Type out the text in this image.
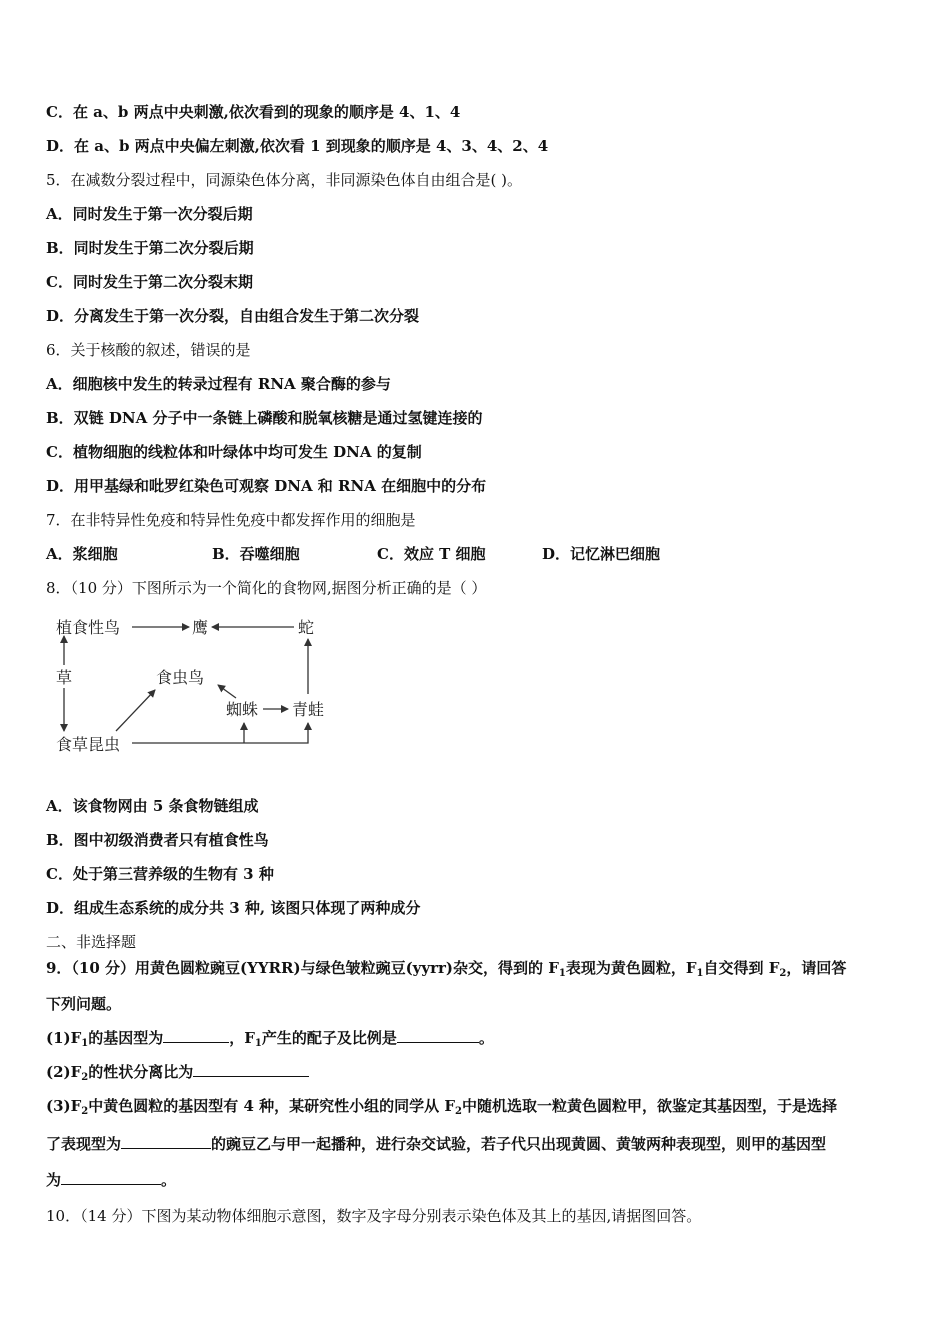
C．在 a、b 两点中央刺激,依次看到的现象的顺序是 4、1、4
D．在 a、b 两点中央偏左刺激,依次看 1 到现象的顺序是 4、3、4、2、4
5．在减数分裂过程中，同源染色体分离，非同源染色体自由组合是( )。
A．同时发生于第一次分裂后期
B．同时发生于第二次分裂后期
C．同时发生于第二次分裂末期
D．分离发生于第一次分裂，自由组合发生于第二次分裂
6．关于核酸的叙述，错误的是
A．细胞核中发生的转录过程有 RNA 聚合酶的参与
B．双链 DNA 分子中一条链上磷酸和脱氧核糖是通过氢键连接的
C．植物细胞的线粒体和叶绿体中均可发生 DNA 的复制
D．用甲基绿和吡罗红染色可观察 DNA 和 RNA 在细胞中的分布
7．在非特异性免疫和特异性免疫中都发挥作用的细胞是
A．浆细胞	B．吞噬细胞	C．效应 T 细胞	D．记忆淋巴细胞
8．（10 分）下图所示为一个简化的食物网,据图分析正确的是（ ）
植食性鸟	鹰	蛇
草	食虫鸟
蜘蛛 青蛙
食草昆虫
A．该食物网由 5 条食物链组成
B．图中初级消费者只有植食性鸟
C．处于第三营养级的生物有 3 种
D．组成生态系统的成分共 3 种, 该图只体现了两种成分
二、非选择题
9．（10 分）用黄色圆粒豌豆(YYRR)与绿色皱粒豌豆(yyrr)杂交，得到的 $F_1$表现为黄色圆粒，$F_1$自交得到 $F_2$，请回答
下列问题。
$(1)F_1$的基因型为	，$F_1$产生的配子及比例是	。
$(2)F_2$的性状分离比为
$(3)F_2$中黄色圆粒的基因型有 4 种，某研究性小组的同学从 $F_2$中随机选取一粒黄色圆粒甲，欲鉴定其基因型，于是选择
了表现型为	的豌豆乙与甲一起播种，进行杂交试验，若子代只出现黄圆、黄皱两种表现型，则甲的基因型
为	。
10．（14 分）下图为某动物体细胞示意图，数字及字母分别表示染色体及其上的基因,请据图回答。
